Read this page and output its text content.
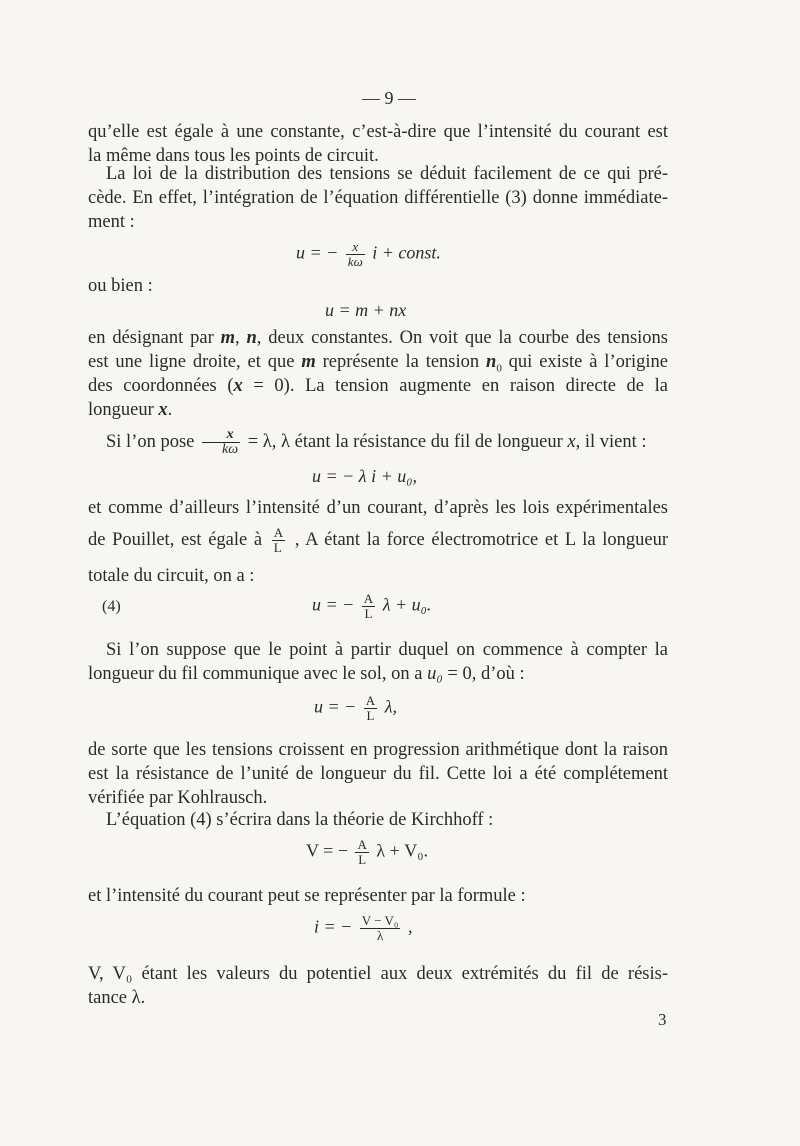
— 9 —
qu’elle est égale à une constante, c’est-à-dire que l’intensité du courant est
la même dans tous les points de circuit.
La loi de la distribution des tensions se déduit facilement de ce qui pré-
cède. En effet, l’intégration de l’équation différentielle (3) donne immédiate-
ment :
u = − $\frac{x}{k\omega}$ i + const.
ou bien :
u = m + nx
en désignant par m, n, deux constantes. On voit que la courbe des tensions
est une ligne droite, et que m représente la tension $n_0$ qui existe à l’origine
des coordonnées (x = 0). La tension augmente en raison directe de la
longueur x.
Si l’on pose $\frac{x}{k\omega} = \lambda$, λ étant la résistance du fil de longueur x, il vient :
u = − λ i + u₀,
et comme d’ailleurs l’intensité d’un courant, d’après les lois expérimentales
de Pouillet, est égale à $\frac{A}{L}$ , A étant la force électromotrice et L la longueur
totale du circuit, on a :
(4)	u = − $\frac{A}{L}$ λ + u₀.
Si l’on suppose que le point à partir duquel on commence à compter la
longueur du fil communique avec le sol, on a u₀ = 0, d’où :
u = − $\frac{A}{L} \lambda$,
de sorte que les tensions croissent en progression arithmétique dont la raison
est la résistance de l’unité de longueur du fil. Cette loi a été complétement
vérifiée par Kohlrausch.
L’équation (4) s’écrira dans la théorie de Kirchhoff :
V = − $\frac{A}{L}$ λ + V₀.
et l’intensité du courant peut se représenter par la formule :
i = − $\frac{\text{V − V₀}}{\lambda}$ ,
V, V₀ étant les valeurs du potentiel aux deux extrémités du fil de résis-
tance λ.
3
